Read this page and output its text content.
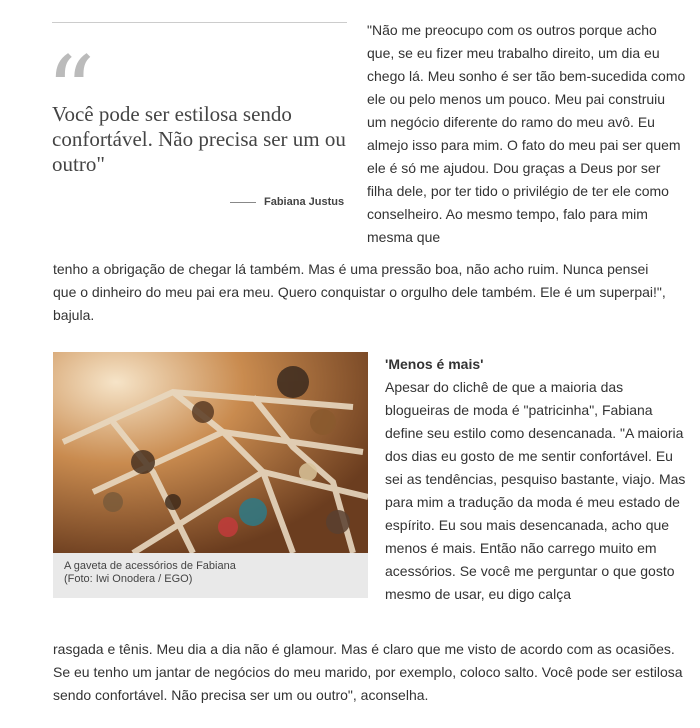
“
Você pode ser estilosa sendo confortável. Não precisa ser um ou outro"
Fabiana Justus
"Não me preocupo com os outros porque acho que, se eu fizer meu trabalho direito, um dia eu chego lá. Meu sonho é ser tão bem-sucedida como ele ou pelo menos um pouco. Meu pai construiu um negócio diferente do ramo do meu avô. Eu almejo isso para mim. O fato do meu pai ser quem ele é só me ajudou. Dou graças a Deus por ser filha dele, por ter tido o privilégio de ter ele como conselheiro. Ao mesmo tempo, falo para mim mesma que
tenho a obrigação de chegar lá também. Mas é uma pressão boa, não acho ruim. Nunca pensei que o dinheiro do meu pai era meu. Quero conquistar o orgulho dele também. Ele é um superpai!", bajula.
A gaveta de acessórios de Fabiana
(Foto: Iwi Onodera / EGO)
'Menos é mais'
Apesar do clichê de que a maioria das blogueiras de moda é "patricinha", Fabiana define seu estilo como desencanada. "A maioria dos dias eu gosto de me sentir confortável. Eu sei as tendências, pesquiso bastante, viajo. Mas para mim a tradução da moda é meu estado de espírito. Eu sou mais desencanada, acho que menos é mais. Então não carrego muito em acessórios. Se você me perguntar o que gosto mesmo de usar, eu digo calça
rasgada e tênis. Meu dia a dia não é glamour. Mas é claro que me visto de acordo com as ocasiões. Se eu tenho um jantar de negócios do meu marido, por exemplo, coloco salto. Você pode ser estilosa sendo confortável. Não precisa ser um ou outro", aconselha.
